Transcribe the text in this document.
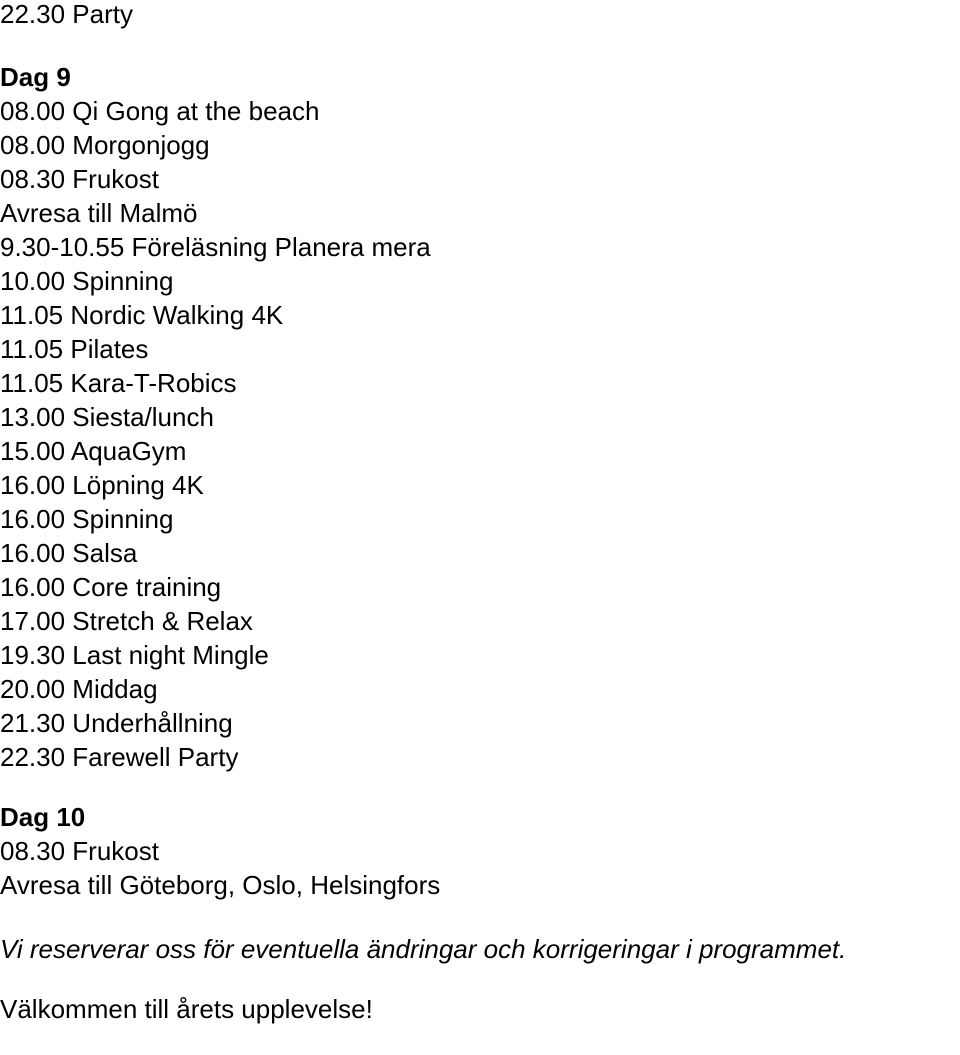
22.30 Party

Dag 9

08.00 Qi Gong at the beach

08.00 Morgonjogg

08.30 Frukost

Avresa till Malmö

9.30-10.55 Föreläsning Planera mera

10.00 Spinning

11.05 Nordic Walking 4K

11.05 Pilates

11.05 Kara-T-Robics

13.00 Siesta/lunch

15.00 AquaGym

16.00 Löpning 4K

16.00 Spinning

16.00 Salsa

16.00 Core training

17.00 Stretch & Relax

19.30 Last night Mingle

20.00 Middag

21.30 Underhållning

22.30 Farewell Party

Dag 10

08.30 Frukost

Avresa till Göteborg, Oslo, Helsingfors

Vi reserverar oss för eventuella ändringar och korrigeringar i programmet.

Välkommen till årets upplevelse!
